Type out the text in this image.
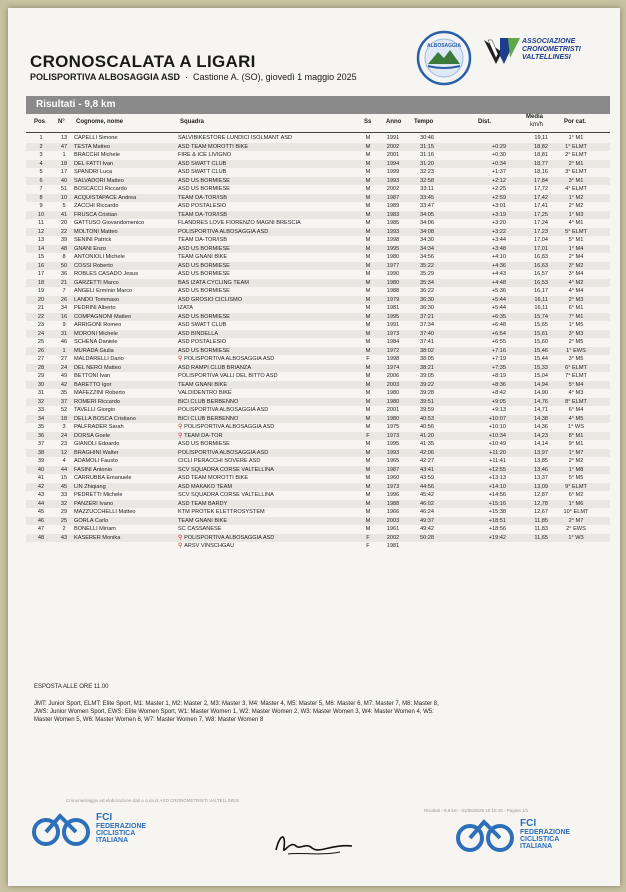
CRONOSCALATA A LIGARI
POLISPORTIVA ALBOSAGGIA ASD · Castione A. (SO), giovedì 1 maggio 2025
ALBOSAGGIA
ASSOCIAZIONE
CRONOMETRISTI
VALTELLINESI
Risultati - 9,8 km
Pos N° Cognome, nome	Squadra	Ss Anno Tempo	Dist.
Media
km/h	Por cat.
1	13	CAPELLI Simone	SALVIBIKESTORE LUNDICI ISOLMANT ASD	M	1991	30:46	19,11	1° M1
2	47	TESTA Matteo	ASD TEAM MOROTTI BIKE	M	2002	31:15	+0:29	18,82	1° ELMT
3	1	BRACCHI Michele	FIRE & ICE LIVIGNO	M	2001	31:16	+0:30	18,81	2° ELMT
4	18	DEL FATTI Ivan	ASD SWATT CLUB	M	1994	31:20	+0:34	18,77	2° M1
5	17	SPANDRI Luca	ASD SWATT CLUB	M	1999	32:23	+1:37	18,16	3° ELMT
6	40	SALVADORI Matteo	ASD US BORMIESE	M	1993	32:58	+2:12	17,84	3° M1
7	51	BOSCACCI Riccardo	ASD US BORMIESE	M	2002	33:11	+2:25	17,72	4° ELMT
8	10	ACQUISTAPACE Andrea	TEAM DA-TOR/ISB	M	1987	33:45	+2:59	17,42	1° M2
9	5	ZACCHI Riccardo	ASD POSTALESIO	M	1989	33:47	+3:01	17,41	2° M2
10	41	FRUSCA Cristian	TEAM DA-TOR/ISB	M	1983	34:05	+3:19	17,25	1° M3
11	20	GATTUSO Giovandomenico	FLANDRES LOVE FIORENZO MAGNI BRESCIA	M	1985	34:06	+3:20	17,24	4° M1
12	22	MOLTONI Matteo	POLISPORTIVA ALBOSAGGIA ASD	M	1993	34:08	+3:22	17,23	5° ELMT
13	39	SENINI Patrick	TEAM DA-TOR/ISB	M	1998	34:30	+3:44	17,04	5° M1
14	48	GNANI Enzo	ASD US BORMIESE	M	1995	34:34	+3:48	17,01	1° M4
15	8	ANTONIOLI Michele	TEAM GNANI BIKE	M	1980	34:56	+4:10	16,83	2° M4
16	50	COSSI Roberto	ASD US BORMIESE	M	1977	35:22	+4:36	16,63	3° M2
17	36	ROBLES CASADO Jesus	ASD US BORMIESE	M	1990	35:29	+4:43	16,57	3° M4
18	21	GARZETTI Marco	BAS IZATA CYCLING TEAM	M	1980	35:34	+4:48	16,53	4° M2
19	7	ANGELI Erminio Marco	ASD US BORMIESE	M	1988	36:22	+5:36	16,17	4° M4
20	26	LANDO Tommaso	ASD GROSIO CICLISMO	M	1979	36:30	+5:44	16,11	2° M3
21	34	PEDRINI Alberto	IZATA	M	1981	36:30	+5:44	16,11	6° M1
22	16	COMPAGNONI Matteo	ASD US BORMIESE	M	1995	37:21	+6:35	15,74	7° M1
23	9	ARRIGONI Romeo	ASD SWATT CLUB	M	1991	37:34	+6:48	15,65	1° M5
24	31	MORONI Michele	ASD BINDELLA	M	1973	37:40	+6:54	15,61	3° M3
25	46	SCHENA Daniele	ASD POSTALESIO	M	1984	37:41	+6:55	15,60	2° M5
26	1	MURADA Giulia	ASD US BORMIESE	M	1972	38:02	+7:16	15,46	1° EWS
27	27	MALDARELLI Dario	⚲ POLISPORTIVA ALBOSAGGIA ASD	F	1998	38:05	+7:19	15,44	3° M5
28	24	DEL NERO Matteo	ASD RAMPI CLUB BRIANZA	M	1974	38:21	+7:35	15,33	6° ELMT
29	49	BETTONI Ivan	POLISPORTIVA VALLI DEL BITTO ASD	M	2006	39:05	+8:19	15,04	7° ELMT
30	42	BARETTO Igor	TEAM GNANI BIKE	M	2003	39:22	+8:36	14,94	5° M4
31	35	MAFEZZINI Roberto	VALDIDENTRO BIKE	M	1980	39:28	+8:42	14,90	4° M3
32	37	ROMERI Riccardo	BICI CLUB BERBENNO	M	1980	39:51	+9:05	14,76	8° ELMT
33	52	TAVELLI Giorgio	POLISPORTIVA ALBOSAGGIA ASD	M	2001	39:59	+9:13	14,71	6° M4
34	18	DELLA BOSCA Cristiano	BICI CLUB BERBENNO	M	1980	40:53	+10:07	14,38	4° M5
35	3	PALFRADER Sarah	⚲ POLISPORTIVA ALBOSAGGIA ASD	M	1975	40:56	+10:10	14,36	1° WS
36	24	DORSA Goele	⚲ TEAM DA-TOR	F	1973	41:20	+10:34	14,23	8° M1
37	23	GIANOLI Edoardo	ASD US BORMIESE	M	1995	41:35	+10:49	14,14	9° M1
38	12	BRAGHINI Walter	POLISPORTIVA ALBOSAGGIA ASD	M	1993	42:06	+11:20	13,97	1° M7
39	4	ADAMOLI Fausto	CICLI PERACCHI SOVERE ASD	M	1965	42:27	+11:41	13,85	2° M2
40	44	FASINI Antonio	SCV SQUADRA CORSE VALTELLINA	M	1987	43:41	+12:55	13,46	1° M8
41	15	CARRUBBA Emanuele	ASD TEAM MOROTTI BIKE	M	1960	43:59	+13:13	13,37	5° M5
42	45	LIN Zhiqiang	ASD MAKAKO TEAM	M	1973	44:56	+14:10	13,09	9° ELMT
43	33	PEDRETTI Michele	SCV SQUADRA CORSE VALTELLINA	M	1996	45:42	+14:56	12,87	6° M2
44	32	PANZERI Ivano	ASD TEAM BARDY	M	1988	46:02	+15:16	12,78	1° M6
45	29	MAZZUCCHELLI Matteo	KTM PROTEK ELETTROSYSTEM	M	1966	46:24	+15:38	12,67	10° ELMT
46	25	GORLA Carlo	TEAM GNANI BIKE	M	2003	49:37	+18:51	11,85	2° M7
47	2	BONELLI Miriam	SC CASSANESE	M	1961	49:42	+18:56	11,83	2° EWS
48	43	KASERER Monika	⚲ POLISPORTIVA ALBOSAGGIA ASD	F	2002	50:28	+19:42	11,65	1° W3
⚲ ARSV VINSCHGAU	F	1981
ESPOSTA ALLE ORE 11.00
JMT: Junior Sport, ELMT: Elite Sport, M1: Master 1, M2: Master 2, M3: Master 3, M4: Master 4, M5: Master 5, M6: Master 6, M7: Master 7, M8: Master 8,
JWS: Junior Women Sport, EWS: Elite Women Sport, W1: Master Women 1, W2: Master Women 2, W3: Master Women 3, W4: Master Women 4, W5:
Master Women 5, W6: Master Women 6, W7: Master Women 7, W8: Master Women 8
Cronometraggio ed elaborazione dati a cura di ASD CRONOMETRISTI VALTELLINESI
Risultati - 9,8 km - 01/05/2025 10:15:48 - Pagina 1/1
FCI
FEDERAZIONE
CICLISTICA
ITALIANA
FCI
FEDERAZIONE
CICLISTICA
ITALIANA
